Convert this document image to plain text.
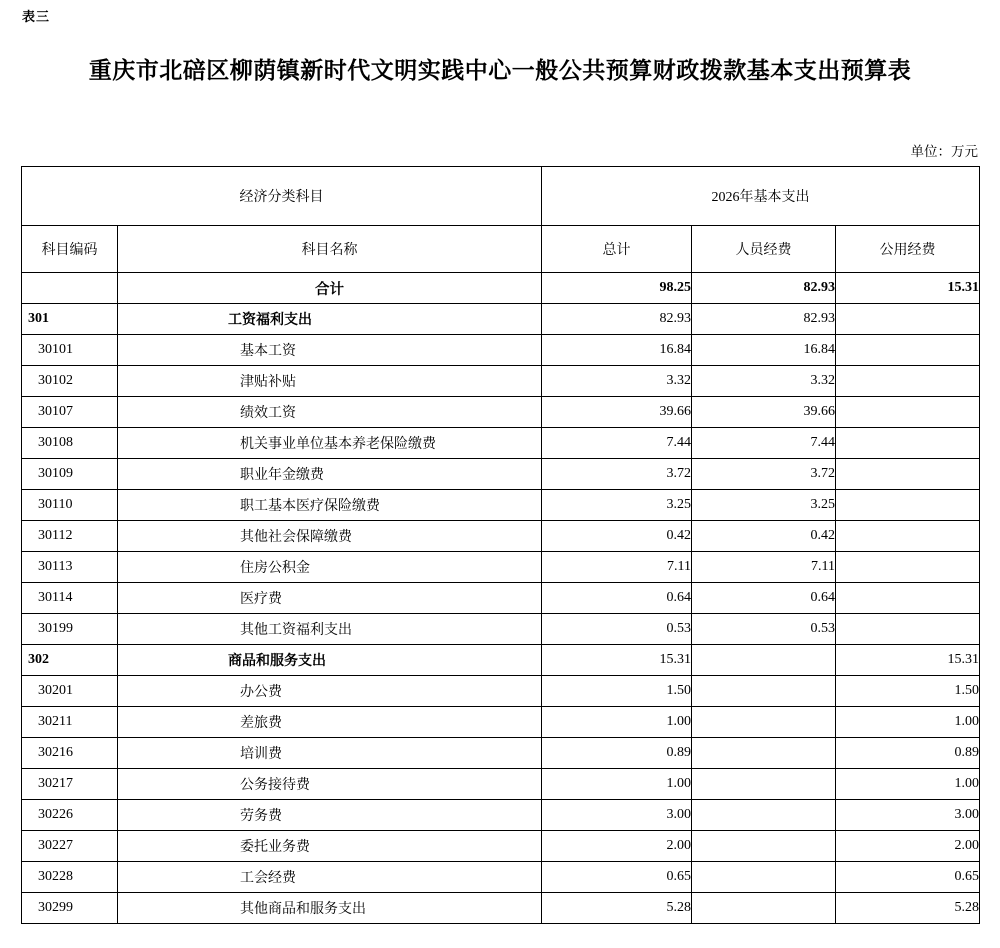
表三
重庆市北碚区柳荫镇新时代文明实践中心一般公共预算财政拨款基本支出预算表
单位：万元
经济分类科目		2026年基本支出		
科目编码	科目名称	总计	人员经费	公用经费
	合计	98.25	82.93	15.31
301	工资福利支出	82.93	82.93	
30101	基本工资	16.84	16.84	
30102	津贴补贴	3.32	3.32	
30107	绩效工资	39.66	39.66	
30108	机关事业单位基本养老保险缴费	7.44	7.44	
30109	职业年金缴费	3.72	3.72	
30110	职工基本医疗保险缴费	3.25	3.25	
30112	其他社会保障缴费	0.42	0.42	
30113	住房公积金	7.11	7.11	
30114	医疗费	0.64	0.64	
30199	其他工资福利支出	0.53	0.53	
302	商品和服务支出	15.31		15.31
30201	办公费	1.50		1.50
30211	差旅费	1.00		1.00
30216	培训费	0.89		0.89
30217	公务接待费	1.00		1.00
30226	劳务费	3.00		3.00
30227	委托业务费	2.00		2.00
30228	工会经费	0.65		0.65
30299	其他商品和服务支出	5.28		5.28
